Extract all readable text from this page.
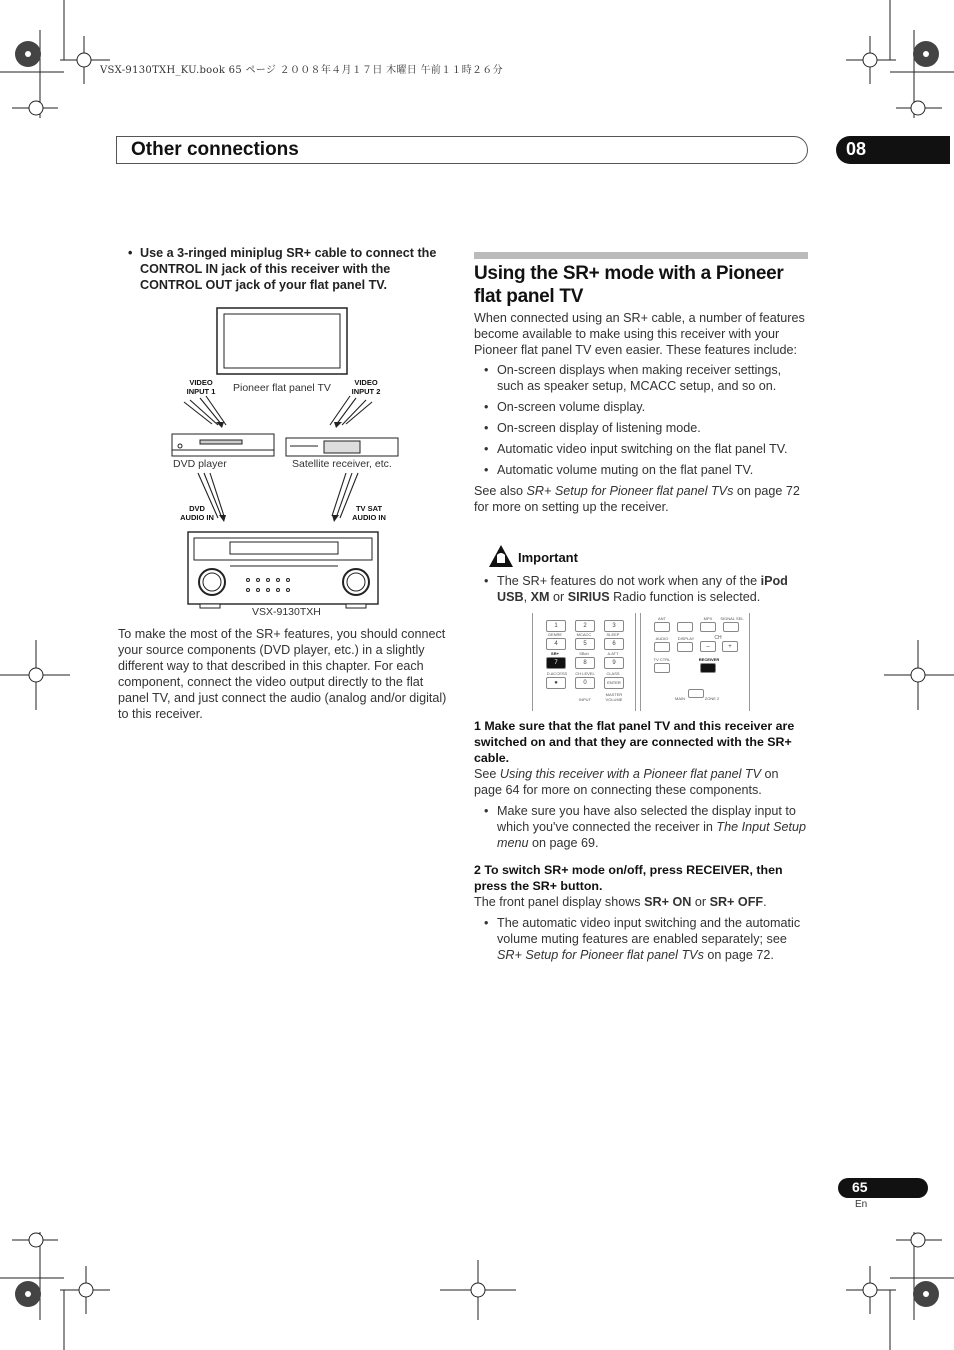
VSX-9130TXH_KU.book 65 ページ ２００８年４月１７日 木曜日 午前１１時２６分
Other connections	08
• Use a 3-ringed miniplug SR+ cable to connect the CONTROL IN jack of this receiver with the CONTROL OUT jack of your flat panel TV.
VIDEO INPUT 1 Pioneer flat panel TV	VIDEO INPUT 2
DVD player	Satellite receiver, etc.
DVD AUDIO IN
TV SAT AUDIO IN
VSX-9130TXH
To make the most of the SR+ features, you should connect your source components (DVD player, etc.) in a slightly different way to that described in this chapter. For each component, connect the video output directly to the flat panel TV, and just connect the audio (analog and/or digital) to this receiver.
Using the SR+ mode with a Pioneer flat panel TV
When connected using an SR+ cable, a number of features become available to make using this receiver with your Pioneer flat panel TV even easier. These features include:
• On-screen displays when making receiver settings, such as speaker setup, MCACC setup, and so on.
• On-screen volume display.
• On-screen display of listening mode.
• Automatic video input switching on the flat panel TV.
• Automatic volume muting on the flat panel TV.
See also SR+ Setup for Pioneer flat panel TVs on page 72 for more on setting up the receiver.
Important
• The SR+ features do not work when any of the iPod USB, XM or SIRIUS Radio function is selected.
1	2	3
GENRE	MCACC	SLEEP
4	5	6
SR+	SBch	A.ATT
7	8	9
D.ACCESS	CH LEVEL	CLASS
●	0	ENTER
INPUT
MASTER VOLUME
ANT	MPX	SIGNAL SEL
AUDIO	DISPLAY	CH
–	+
TV CTRL	RECEIVER
MAIN	ZONE 2
1 Make sure that the flat panel TV and this receiver are switched on and that they are connected with the SR+ cable.
See Using this receiver with a Pioneer flat panel TV on page 64 for more on connecting these components.
• Make sure you have also selected the display input to which you've connected the receiver in The Input Setup menu on page 69.
2 To switch SR+ mode on/off, press RECEIVER, then press the SR+ button.
The front panel display shows SR+ ON or SR+ OFF.
• The automatic video input switching and the automatic volume muting features are enabled separately; see SR+ Setup for Pioneer flat panel TVs on page 72.
65
En
